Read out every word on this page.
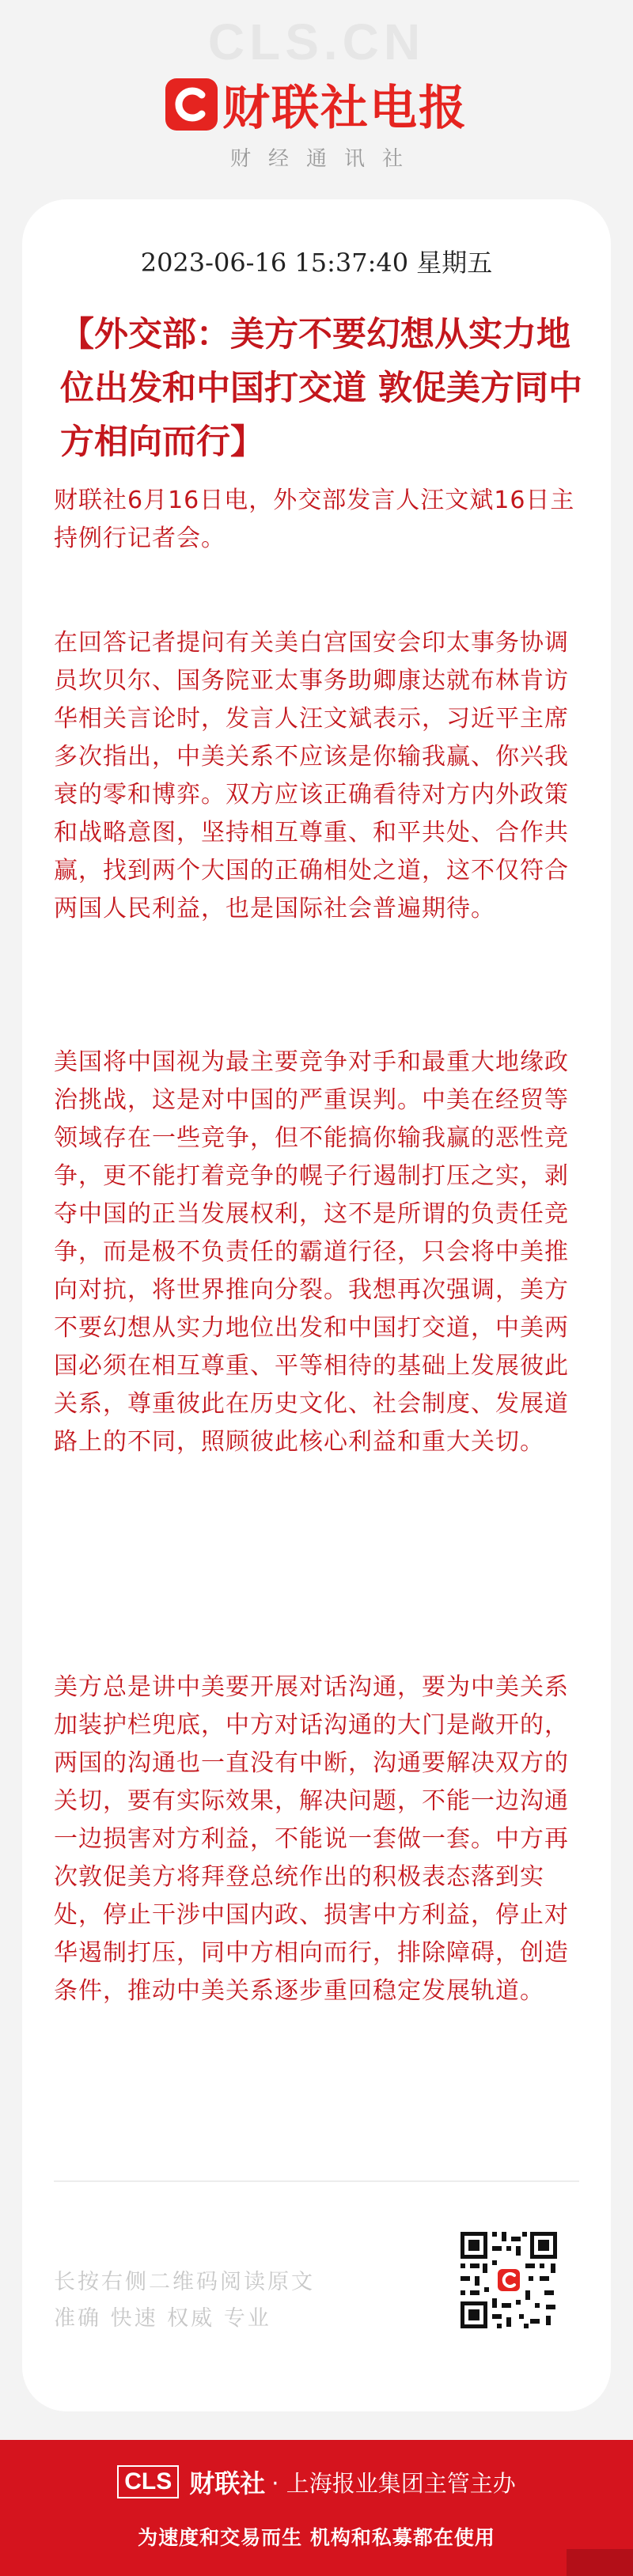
CLS.CN
财联社电报
财经通讯社
2023-06-16 15:37:40 星期五
【外交部：美方不要幻想从实力地位出发和中国打交道 敦促美方同中方相向而行】

财联社6月16日电，外交部发言人汪文斌16日主持例行记者会。

在回答记者提问有关美白宫国安会印太事务协调员坎贝尔、国务院亚太事务助卿康达就布林肯访华相关言论时，发言人汪文斌表示，习近平主席多次指出，中美关系不应该是你输我赢、你兴我衰的零和博弈。双方应该正确看待对方内外政策和战略意图，坚持相互尊重、和平共处、合作共赢，找到两个大国的正确相处之道，这不仅符合两国人民利益，也是国际社会普遍期待。

美国将中国视为最主要竞争对手和最重大地缘政治挑战，这是对中国的严重误判。中美在经贸等领域存在一些竞争，但不能搞你输我赢的恶性竞争，更不能打着竞争的幌子行遏制打压之实，剥夺中国的正当发展权利，这不是所谓的负责任竞争，而是极不负责任的霸道行径，只会将中美推向对抗，将世界推向分裂。我想再次强调，美方不要幻想从实力地位出发和中国打交道，中美两国必须在相互尊重、平等相待的基础上发展彼此关系，尊重彼此在历史文化、社会制度、发展道路上的不同，照顾彼此核心利益和重大关切。

美方总是讲中美要开展对话沟通，要为中美关系加装护栏兜底，中方对话沟通的大门是敞开的，两国的沟通也一直没有中断，沟通要解决双方的关切，要有实际效果，解决问题，不能一边沟通一边损害对方利益，不能说一套做一套。中方再次敦促美方将拜登总统作出的积极表态落到实处，停止干涉中国内政、损害中方利益，停止对华遏制打压，同中方相向而行，排除障碍，创造条件，推动中美关系逐步重回稳定发展轨道。

长按右侧二维码阅读原文
准确 快速 权威 专业

CLS 财联社 · 上海报业集团主管主办
为速度和交易而生 机构和私募都在使用
